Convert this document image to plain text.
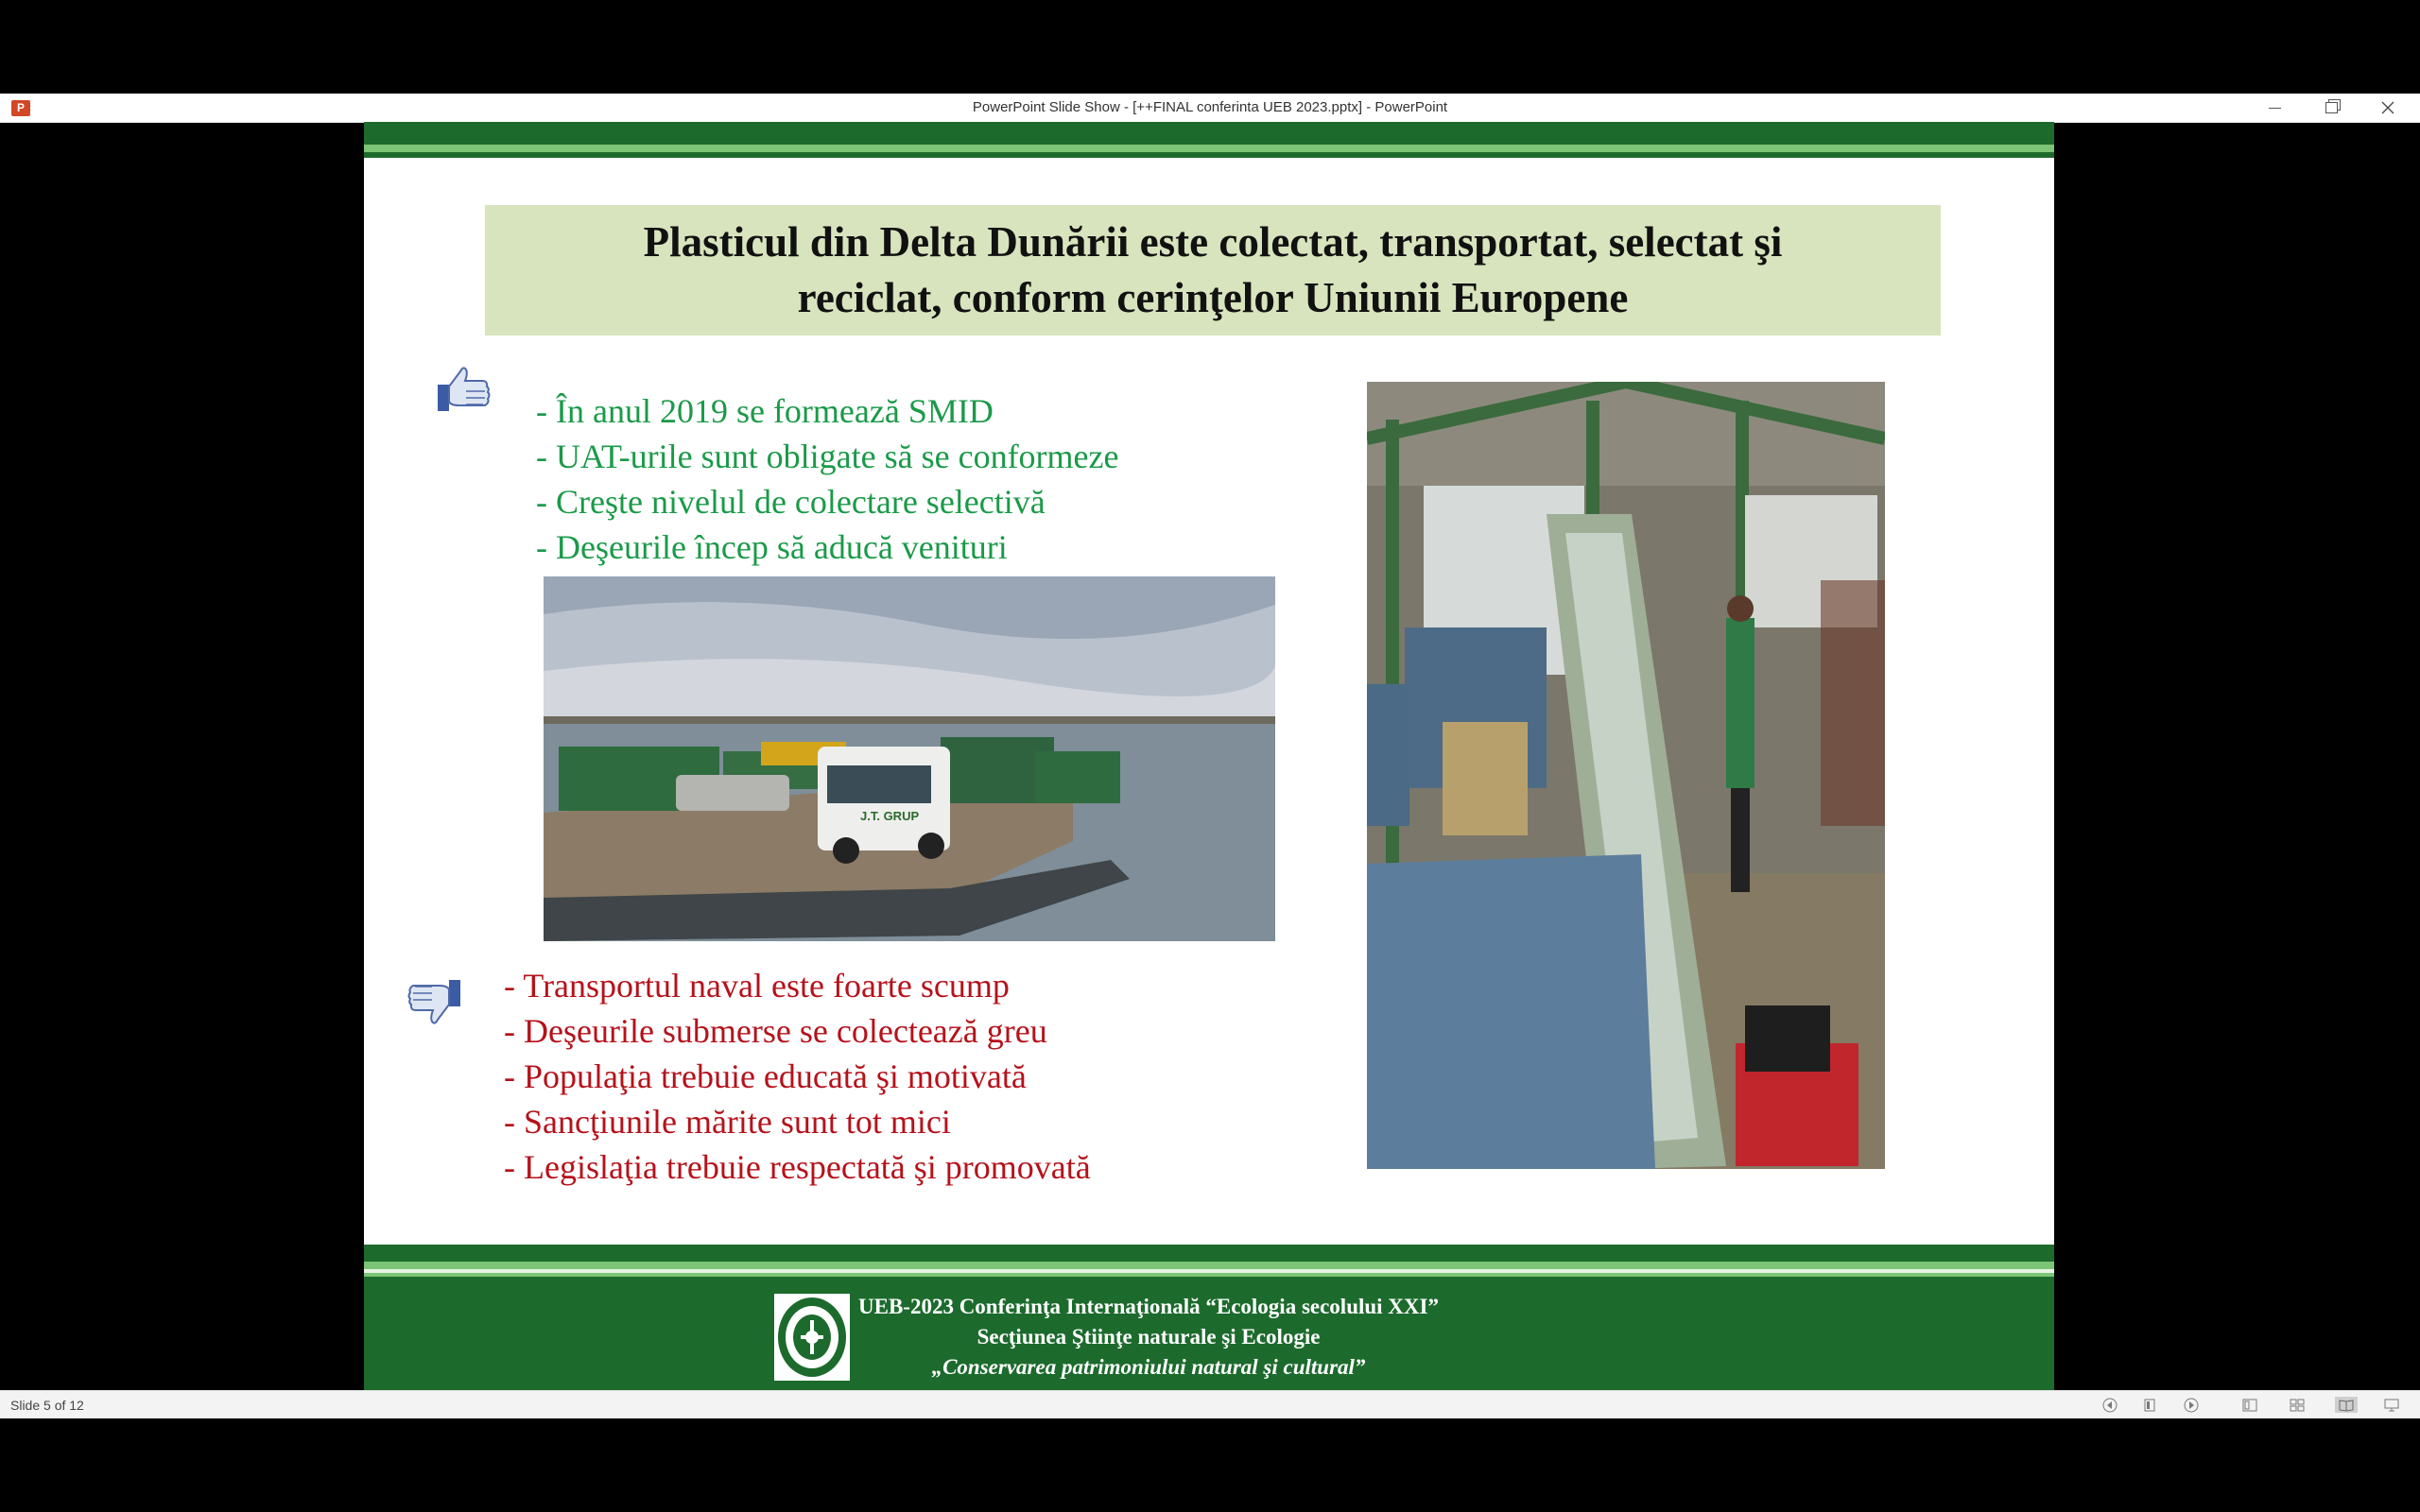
P	PowerPoint Slide Show - [++FINAL conferinta UEB 2023.pptx] - PowerPoint
Plasticul din Delta Dunării este colectat, transportat, selectat şi
reciclat, conform cerinţelor Uniunii Europene
- În anul 2019 se formează SMID
- UAT-urile sunt obligate să se conformeze
- Creşte nivelul de colectare selectivă
- Deşeurile încep să aducă venituri
J.T. GRUP
- Transportul naval este foarte scump
- Deşeurile submerse se colectează greu
- Populaţia trebuie educată şi motivată
- Sancţiunile mărite sunt tot mici
- Legislaţia trebuie respectată şi promovată
UEB-2023 Conferinţa Internaţională “Ecologia secolului XXI”
Secţiunea Ştiinţe naturale şi Ecologie
„Conservarea patrimoniului natural şi cultural”
Slide 5 of 12
